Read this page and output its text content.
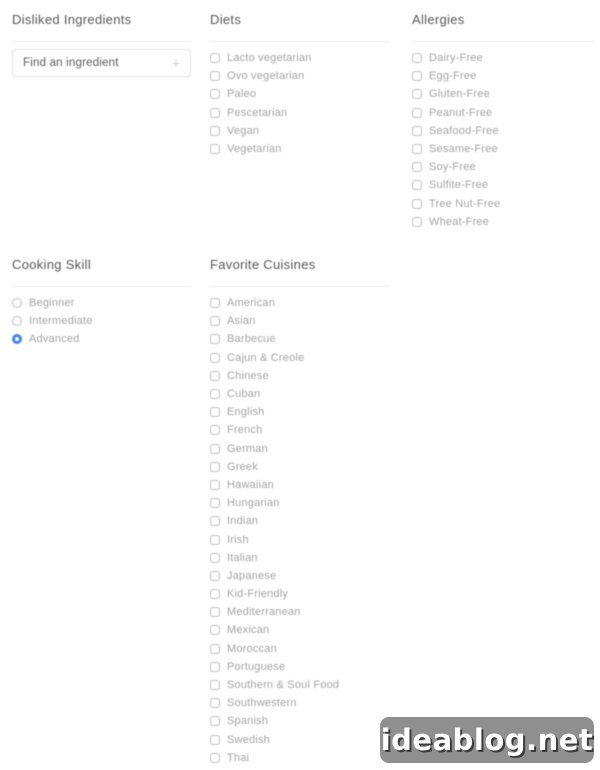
Disliked Ingredients
Find an ingredient	+
Diets
Lacto vegetarian
Ovo vegetarian
Paleo
Pescetarian
Vegan
Vegetarian
Allergies
Dairy-Free
Egg-Free
Gluten-Free
Peanut-Free
Seafood-Free
Sesame-Free
Soy-Free
Sulfite-Free
Tree Nut-Free
Wheat-Free
Cooking Skill
Beginner
Intermediate
Advanced
Favorite Cuisines
American
Asian
Barbecue
Cajun & Creole
Chinese
Cuban
English
French
German
Greek
Hawaiian
Hungarian
Indian
Irish
Italian
Japanese
Kid-Friendly
Mediterranean
Mexican
Moroccan
Portuguese
Southern & Soul Food
Southwestern
Spanish
Swedish
Thai
ideablog.net
